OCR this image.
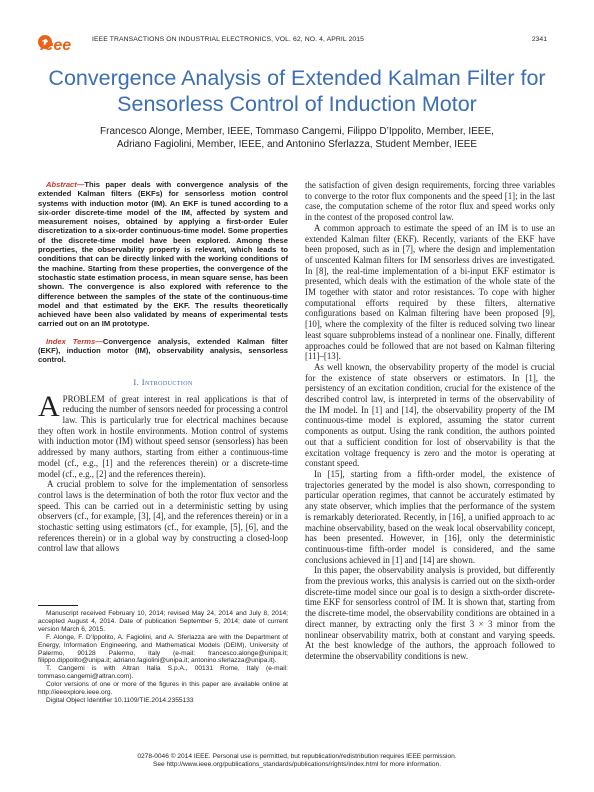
ieee	IEEE TRANSACTIONS ON INDUSTRIAL ELECTRONICS, VOL. 62, NO. 4, APRIL 2015	2341
Convergence Analysis of Extended Kalman Filter for Sensorless Control of Induction Motor
Francesco Alonge, Member, IEEE, Tommaso Cangemi, Filippo D’Ippolito, Member, IEEE,
Adriano Fagiolini, Member, IEEE, and Antonino Sferlazza, Student Member, IEEE

Abstract—This paper deals with convergence analysis of the extended Kalman filters (EKFs) for sensorless motion control systems with induction motor (IM). An EKF is tuned according to a six-order discrete-time model of the IM, affected by system and measurement noises, obtained by applying a first-order Euler discretization to a six-order continuous-time model. Some properties of the discrete-time model have been explored. Among these properties, the observability property is relevant, which leads to conditions that can be directly linked with the working conditions of the machine. Starting from these properties, the convergence of the stochastic state estimation process, in mean square sense, has been shown. The convergence is also explored with reference to the difference between the samples of the state of the continuous-time model and that estimated by the EKF. The results theoretically achieved have been also validated by means of experimental tests carried out on an IM prototype.

Index Terms—Convergence analysis, extended Kalman filter (EKF), induction motor (IM), observability analysis, sensorless control.

I. Introduction

APROBLEM of great interest in real applications is that of reducing the number of sensors needed for processing a control law. This is particularly true for electrical machines because they often work in hostile environments. Motion control of systems with induction motor (IM) without speed sensor (sensorless) has been addressed by many authors, starting from either a continuous-time model (cf., e.g., [1] and the references therein) or a discrete-time model (cf., e.g., [2] and the references therein).

A crucial problem to solve for the implementation of sensorless control laws is the determination of both the rotor flux vector and the speed. This can be carried out in a deterministic setting by using observers (cf., for example, [3], [4], and the references therein) or in a stochastic setting using estimators (cf., for example, [5], [6], and the references therein) or in a global way by constructing a closed-loop control law that allows

the satisfaction of given design requirements, forcing three variables to converge to the rotor flux components and the speed [1]; in the last case, the computation scheme of the rotor flux and speed works only in the contest of the proposed control law.

A common approach to estimate the speed of an IM is to use an extended Kalman filter (EKF). Recently, variants of the EKF have been proposed, such as in [7], where the design and implementation of unscented Kalman filters for IM sensorless drives are investigated. In [8], the real-time implementation of a bi-input EKF estimator is presented, which deals with the estimation of the whole state of the IM together with stator and rotor resistances. To cope with higher computational efforts required by these filters, alternative configurations based on Kalman filtering have been proposed [9], [10], where the complexity of the filter is reduced solving two linear least square subproblems instead of a nonlinear one. Finally, different approaches could be followed that are not based on Kalman filtering [11]–[13].

As well known, the observability property of the model is crucial for the existence of state observers or estimators. In [1], the persistency of an excitation condition, crucial for the existence of the described control law, is interpreted in terms of the observability of the IM model. In [1] and [14], the observability property of the IM continuous-time model is explored, assuming the stator current components as output. Using the rank condition, the authors pointed out that a sufficient condition for lost of observability is that the excitation voltage frequency is zero and the motor is operating at constant speed.

In [15], starting from a fifth-order model, the existence of trajectories generated by the model is also shown, corresponding to particular operation regimes, that cannot be accurately estimated by any state observer, which implies that the performance of the system is remarkably deteriorated. Recently, in [16], a unified approach to ac machine observability, based on the weak local observability concept, has been presented. However, in [16], only the deterministic continuous-time fifth-order model is considered, and the same conclusions achieved in [1] and [14] are shown.

In this paper, the observability analysis is provided, but differently from the previous works, this analysis is carried out on the sixth-order discrete-time model since our goal is to design a sixth-order discrete-time EKF for sensorless control of IM. It is shown that, starting from the discrete-time model, the observability conditions are obtained in a direct manner, by extracting only the first 3 × 3 minor from the nonlinear observability matrix, both at constant and varying speeds. At the best knowledge of the authors, the approach followed to determine the observability conditions is new.

Manuscript received February 10, 2014; revised May 24, 2014 and July 8, 2014; accepted August 4, 2014. Date of publication September 5, 2014; date of current version March 6, 2015.

F. Alonge, F. D’Ippolito, A. Fagiolini, and A. Sferlazza are with the Department of Energy, Information Engineering, and Mathematical Models (DEIM), University of Palermo, 90128 Palermo, Italy (e-mail: francesco.alonge@unipa.it; filippo.dippolito@unipa.it; adriano.fagiolini@unipa.it; antonino.sferlazza@unipa.it).

T. Cangemi is with Altran Italia S.p.A., 00131 Rome, Italy (e-mail: tommaso.cangemi@altran.com).

Color versions of one or more of the figures in this paper are available online at http://ieeexplore.ieee.org.

Digital Object Identifier 10.1109/TIE.2014.2355133

0278-0046 © 2014 IEEE. Personal use is permitted, but republication/redistribution requires IEEE permission.

See http://www.ieee.org/publications_standards/publications/rights/index.html for more information.
